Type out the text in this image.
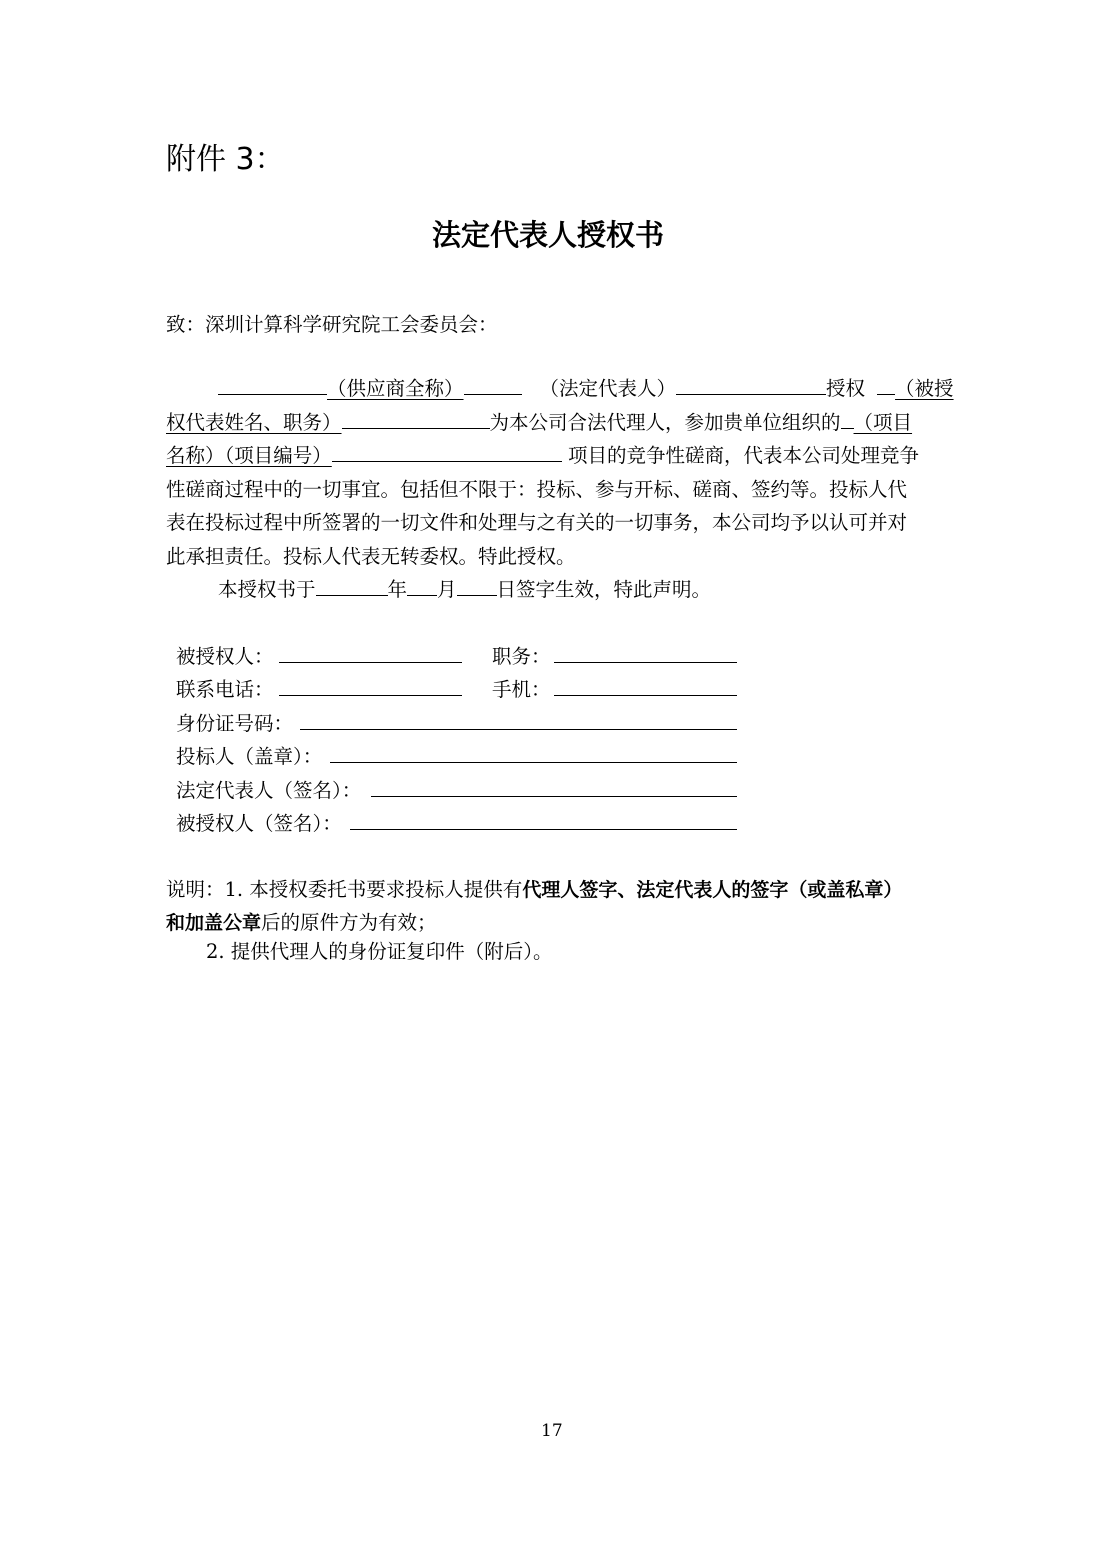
附件 3：
法定代表人授权书
致：深圳计算科学研究院工会委员会：
（供应商全称）	（法定代表人）	授权 （被授
权代表姓名、职务）	为本公司合法代理人，参加贵单位组织的 （项目
名称）（项目编号）	项目的竞争性磋商，代表本公司处理竞争
性磋商过程中的一切事宜。包括但不限于：投标、参与开标、磋商、签约等。投标人代
表在投标过程中所签署的一切文件和处理与之有关的一切事务，本公司均予以认可并对
此承担责任。投标人代表无转委权。特此授权。
本授权书于	年 月 日签字生效，特此声明。
被授权人：	职务：
联系电话：	手机：
身份证号码：
投标人（盖章）：
法定代表人（签名）：
被授权人（签名）：
说明：1. 本授权委托书要求投标人提供有代理人签字、法定代表人的签字（或盖私章）
和加盖公章后的原件方为有效；
2. 提供代理人的身份证复印件（附后）。
17
